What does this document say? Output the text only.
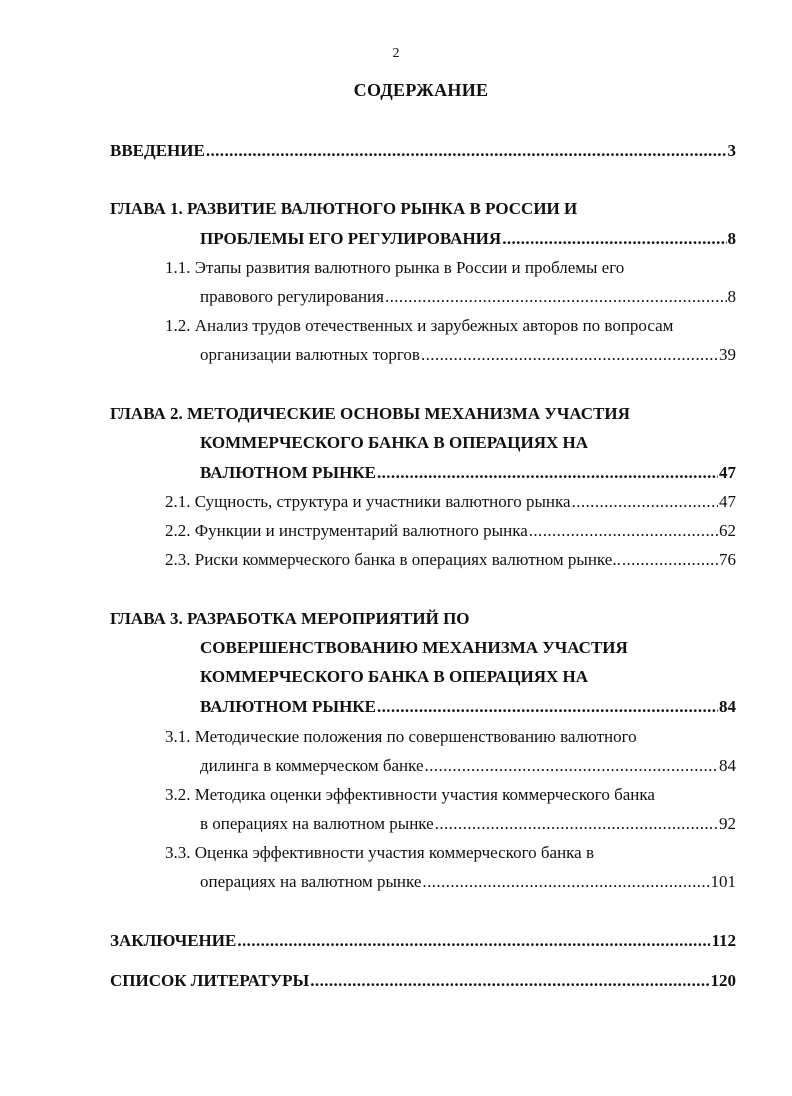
2
СОДЕРЖАНИЕ
ВВЕДЕНИЕ .....	3
ГЛАВА 1. РАЗВИТИЕ ВАЛЮТНОГО РЫНКА В РОССИИ И
ПРОБЛЕМЫ ЕГО РЕГУЛИРОВАНИЯ .....	8
1.1. Этапы развития валютного рынка в России и проблемы его
правового регулирования .....	8
1.2. Анализ трудов отечественных и зарубежных авторов по вопросам
организации валютных торгов .....	39
ГЛАВА 2. МЕТОДИЧЕСКИЕ ОСНОВЫ МЕХАНИЗМА УЧАСТИЯ
КОММЕРЧЕСКОГО БАНКА В ОПЕРАЦИЯХ НА
ВАЛЮТНОМ РЫНКЕ .....	47
2.1. Сущность, структура и участники валютного рынка .....	47
2.2. Функции и инструментарий валютного рынка .....	62
2.3. Риски коммерческого банка в операциях валютном рынке.. .....	76
ГЛАВА 3. РАЗРАБОТКА МЕРОПРИЯТИЙ ПО
СОВЕРШЕНСТВОВАНИЮ МЕХАНИЗМА УЧАСТИЯ
КОММЕРЧЕСКОГО БАНКА В ОПЕРАЦИЯХ НА
ВАЛЮТНОМ РЫНКЕ .....	84
3.1. Методические положения по совершенствованию валютного
дилинга в коммерческом банке .....	84
3.2. Методика оценки эффективности участия коммерческого банка
в операциях на валютном рынке .....	92
3.3. Оценка эффективности участия коммерческого банка в
операциях на валютном рынке .....	101
ЗАКЛЮЧЕНИЕ .....	112
СПИСОК ЛИТЕРАТУРЫ .....	120
